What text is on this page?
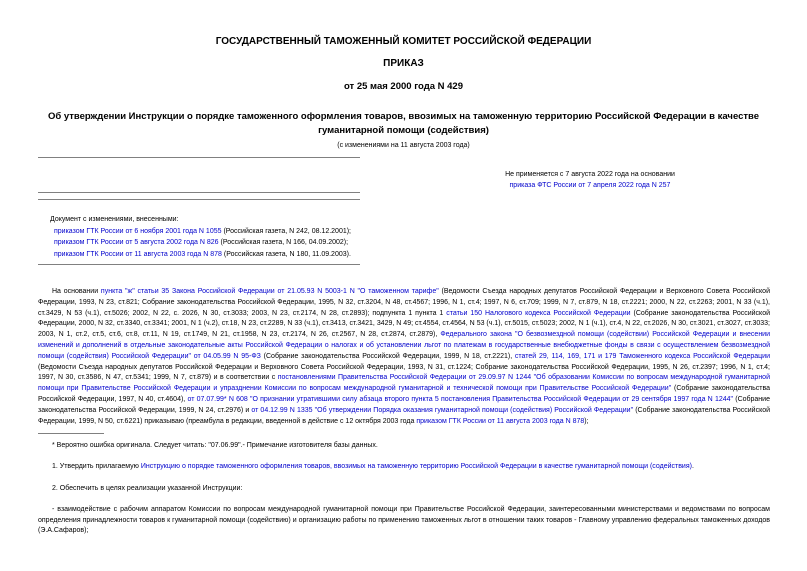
ГОСУДАРСТВЕННЫЙ ТАМОЖЕННЫЙ КОМИТЕТ РОССИЙСКОЙ ФЕДЕРАЦИИ
ПРИКАЗ
от 25 мая 2000 года N 429
Об утверждении Инструкции о порядке таможенного оформления товаров, ввозимых на таможенную территорию Российской Федерации в качестве гуманитарной помощи (содействия)
(с изменениями на 11 августа 2003 года)
Не применяется с 7 августа 2022 года на основании
приказа ФТС России от 7 апреля 2022 года N 257
Документ с изменениями, внесенными:
приказом ГТК России от 6 ноября 2001 года N 1055 (Российская газета, N 242, 08.12.2001);
приказом ГТК России от 5 августа 2002 года N 826 (Российская газета, N 166, 04.09.2002);
приказом ГТК России от 11 августа 2003 года N 878 (Российская газета, N 180, 11.09.2003).
На основании пункта "ж" статьи 35 Закона Российской Федерации от 21.05.93 N 5003-1 N "О таможенном тарифе" (Ведомости Съезда народных депутатов Российской Федерации и Верховного Совета Российской Федерации, 1993, N 23, ст.821; Собрание законодательства Российской Федерации, 1995, N 32, ст.3204, N 48, ст.4567; 1996, N 1, ст.4; 1997, N 6, ст.709; 1999, N 7, ст.879, N 18, ст.2221; 2000, N 22, ст.2263; 2001, N 33 (ч.1), ст.3429, N 53 (ч.1), ст.5026; 2002, N 22, с. 2026, N 30, ст.3033; 2003, N 23, ст.2174, N 28, ст.2893); подпункта 1 пункта 1 статьи 150 Налогового кодекса Российской Федерации (Собрание законодательства Российской Федерации, 2000, N 32, ст.3340, ст.3341; 2001, N 1 (ч.2), ст.18, N 23, ст.2289, N 33 (ч.1), ст.3413, ст.3421, 3429, N 49; ст.4554, ст.4564, N 53 (ч.1), ст.5015, ст.5023; 2002, N 1 (ч.1), ст.4, N 22, ст.2026, N 30, ст.3021, ст.3027, ст.3033; 2003, N 1, ст.2, ст.5, ст.6, ст.8, ст.11, N 19, ст.1749, N 21, ст.1958, N 23, ст.2174, N 26, ст.2567, N 28, ст.2874, ст.2879), Федерального закона "О безвозмездной помощи (содействии) Российской Федерации и внесении изменений и дополнений в отдельные законодательные акты Российской Федерации о налогах и об установлении льгот по платежам в государственные внебюджетные фонды в связи с осуществлением безвозмездной помощи (содействия) Российской Федерации" от 04.05.99 N 95-ФЗ (Собрание законодательства Российской Федерации, 1999, N 18, ст.2221), статей 29, 114, 169, 171 и 179 Таможенного кодекса Российской Федерации (Ведомости Съезда народных депутатов Российской Федерации и Верховного Совета Российской Федерации, 1993, N 31, ст.1224; Собрание законодательства Российской Федерации, 1995, N 26, ст.2397; 1996, N 1, ст.4; 1997, N 30, ст.3586, N 47, ст.5341; 1999, N 7, ст.879) и в соответствии с постановлениями Правительства Российской Федерации от 29.09.97 N 1244 "Об образовании Комиссии по вопросам международной гуманитарной помощи при Правительстве Российской Федерации и упразднении Комиссии по вопросам международной гуманитарной и технической помощи при Правительстве Российской Федерации" (Собрание законодательства Российской Федерации, 1997, N 40, ст.4604), от 07.07.99* N 608 "О признании утратившими силу абзаца второго пункта 5 постановления Правительства Российской Федерации от 29 сентября 1997 года N 1244" (Собрание законодательства Российской Федерации, 1999, N 24, ст.2976) и от 04.12.99 N 1335 "Об утверждении Порядка оказания гуманитарной помощи (содействия) Российской Федерации" (Собрание законодательства Российской Федерации, 1999, N 50, ст.6221) приказываю (преамбула в редакции, введенной в действие с 12 октября 2003 года приказом ГТК России от 11 августа 2003 года N 878);
* Вероятно ошибка оригинала. Следует читать: "07.06.99".- Примечание изготовителя базы данных.
1. Утвердить прилагаемую Инструкцию о порядке таможенного оформления товаров, ввозимых на таможенную территорию Российской Федерации в качестве гуманитарной помощи (содействия).
2. Обеспечить в целях реализации указанной Инструкции:
- взаимодействие с рабочим аппаратом Комиссии по вопросам международной гуманитарной помощи при Правительстве Российской Федерации, заинтересованными министерствами и ведомствами по вопросам определения принадлежности товаров к гуманитарной помощи (содействию) и организацию работы по применению таможенных льгот в отношении таких товаров - Главному управлению федеральных таможенных доходов (Э.А.Сафаров);
